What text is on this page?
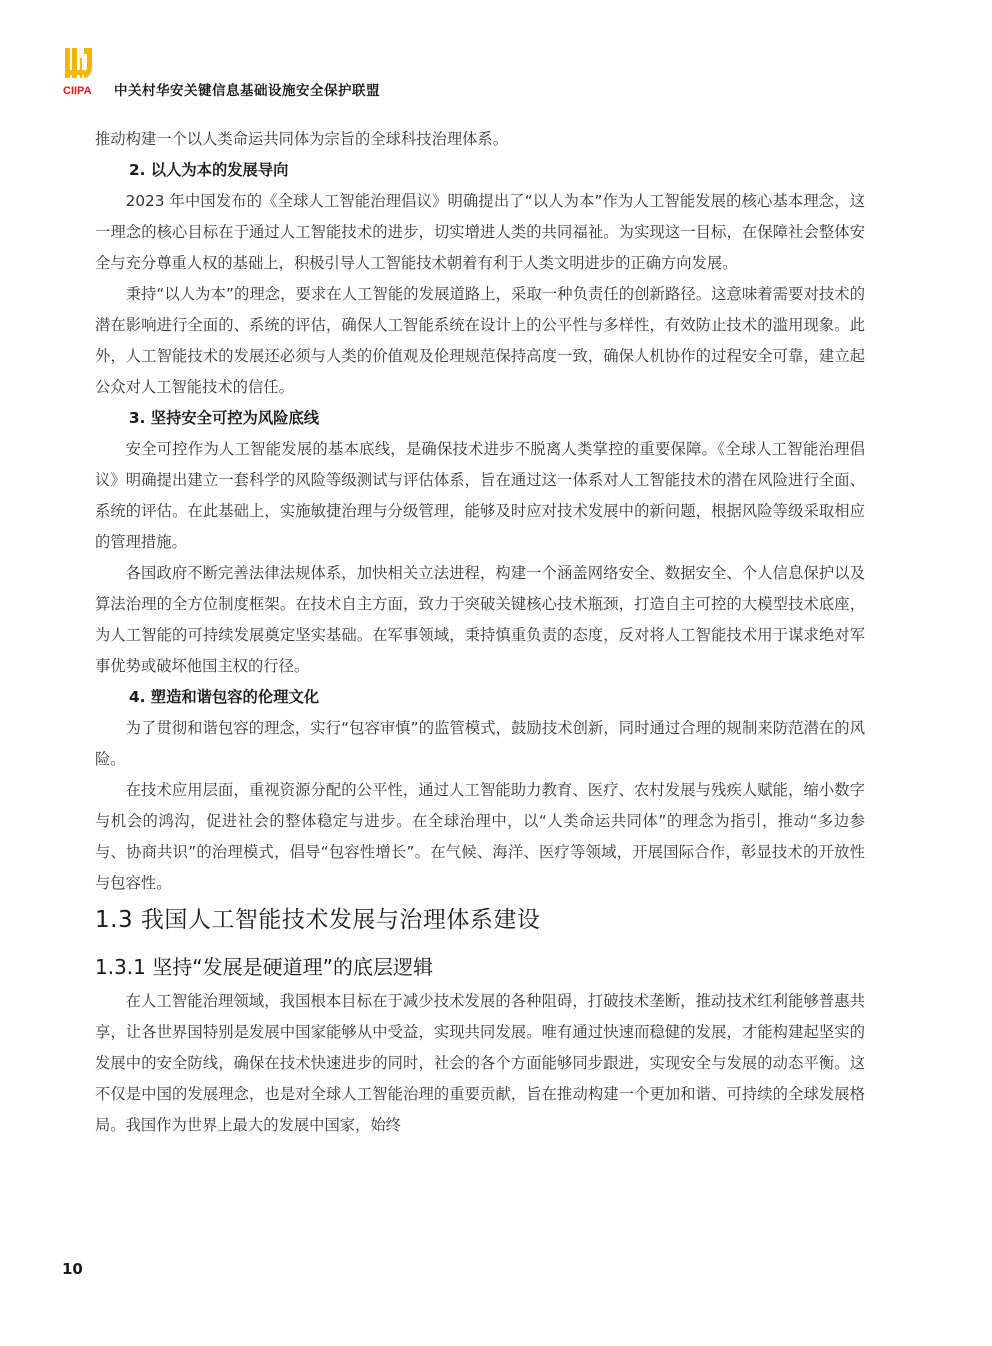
CIIPA 中关村华安关键信息基础设施安全保护联盟

推动构建一个以人类命运共同体为宗旨的全球科技治理体系。

2. 以人为本的发展导向

2023 年中国发布的《全球人工智能治理倡议》明确提出了“以人为本”作为人工智能发展的核心基本理念，这一理念的核心目标在于通过人工智能技术的进步，切实增进人类的共同福祉。为实现这一目标，在保障社会整体安全与充分尊重人权的基础上，积极引导人工智能技术朝着有利于人类文明进步的正确方向发展。

秉持“以人为本”的理念，要求在人工智能的发展道路上，采取一种负责任的创新路径。这意味着需要对技术的潜在影响进行全面的、系统的评估，确保人工智能系统在设计上的公平性与多样性，有效防止技术的滥用现象。此外，人工智能技术的发展还必须与人类的价值观及伦理规范保持高度一致，确保人机协作的过程安全可靠，建立起公众对人工智能技术的信任。

3. 坚持安全可控为风险底线

安全可控作为人工智能发展的基本底线，是确保技术进步不脱离人类掌控的重要保障。《全球人工智能治理倡议》明确提出建立一套科学的风险等级测试与评估体系，旨在通过这一体系对人工智能技术的潜在风险进行全面、系统的评估。在此基础上，实施敏捷治理与分级管理，能够及时应对技术发展中的新问题，根据风险等级采取相应的管理措施。

各国政府不断完善法律法规体系，加快相关立法进程，构建一个涵盖网络安全、数据安全、个人信息保护以及算法治理的全方位制度框架。在技术自主方面，致力于突破关键核心技术瓶颈，打造自主可控的大模型技术底座，为人工智能的可持续发展奠定坚实基础。在军事领域，秉持慎重负责的态度，反对将人工智能技术用于谋求绝对军事优势或破坏他国主权的行径。

4. 塑造和谐包容的伦理文化

为了贯彻和谐包容的理念，实行“包容审慎”的监管模式，鼓励技术创新，同时通过合理的规制来防范潜在的风险。

在技术应用层面，重视资源分配的公平性，通过人工智能助力教育、医疗、农村发展与残疾人赋能，缩小数字与机会的鸿沟，促进社会的整体稳定与进步。在全球治理中，以“人类命运共同体”的理念为指引，推动“多边参与、协商共识”的治理模式，倡导“包容性增长”。在气候、海洋、医疗等领域，开展国际合作，彰显技术的开放性与包容性。

1.3 我国人工智能技术发展与治理体系建设
1.3.1 坚持“发展是硬道理”的底层逻辑

在人工智能治理领域，我国根本目标在于减少技术发展的各种阻碍，打破技术垄断，推动技术红利能够普惠共享，让各世界国特别是发展中国家能够从中受益，实现共同发展。唯有通过快速而稳健的发展，才能构建起坚实的发展中的安全防线，确保在技术快速进步的同时，社会的各个方面能够同步跟进，实现安全与发展的动态平衡。这不仅是中国的发展理念，也是对全球人工智能治理的重要贡献，旨在推动构建一个更加和谐、可持续的全球发展格局。我国作为世界上最大的发展中国家，始终

10
